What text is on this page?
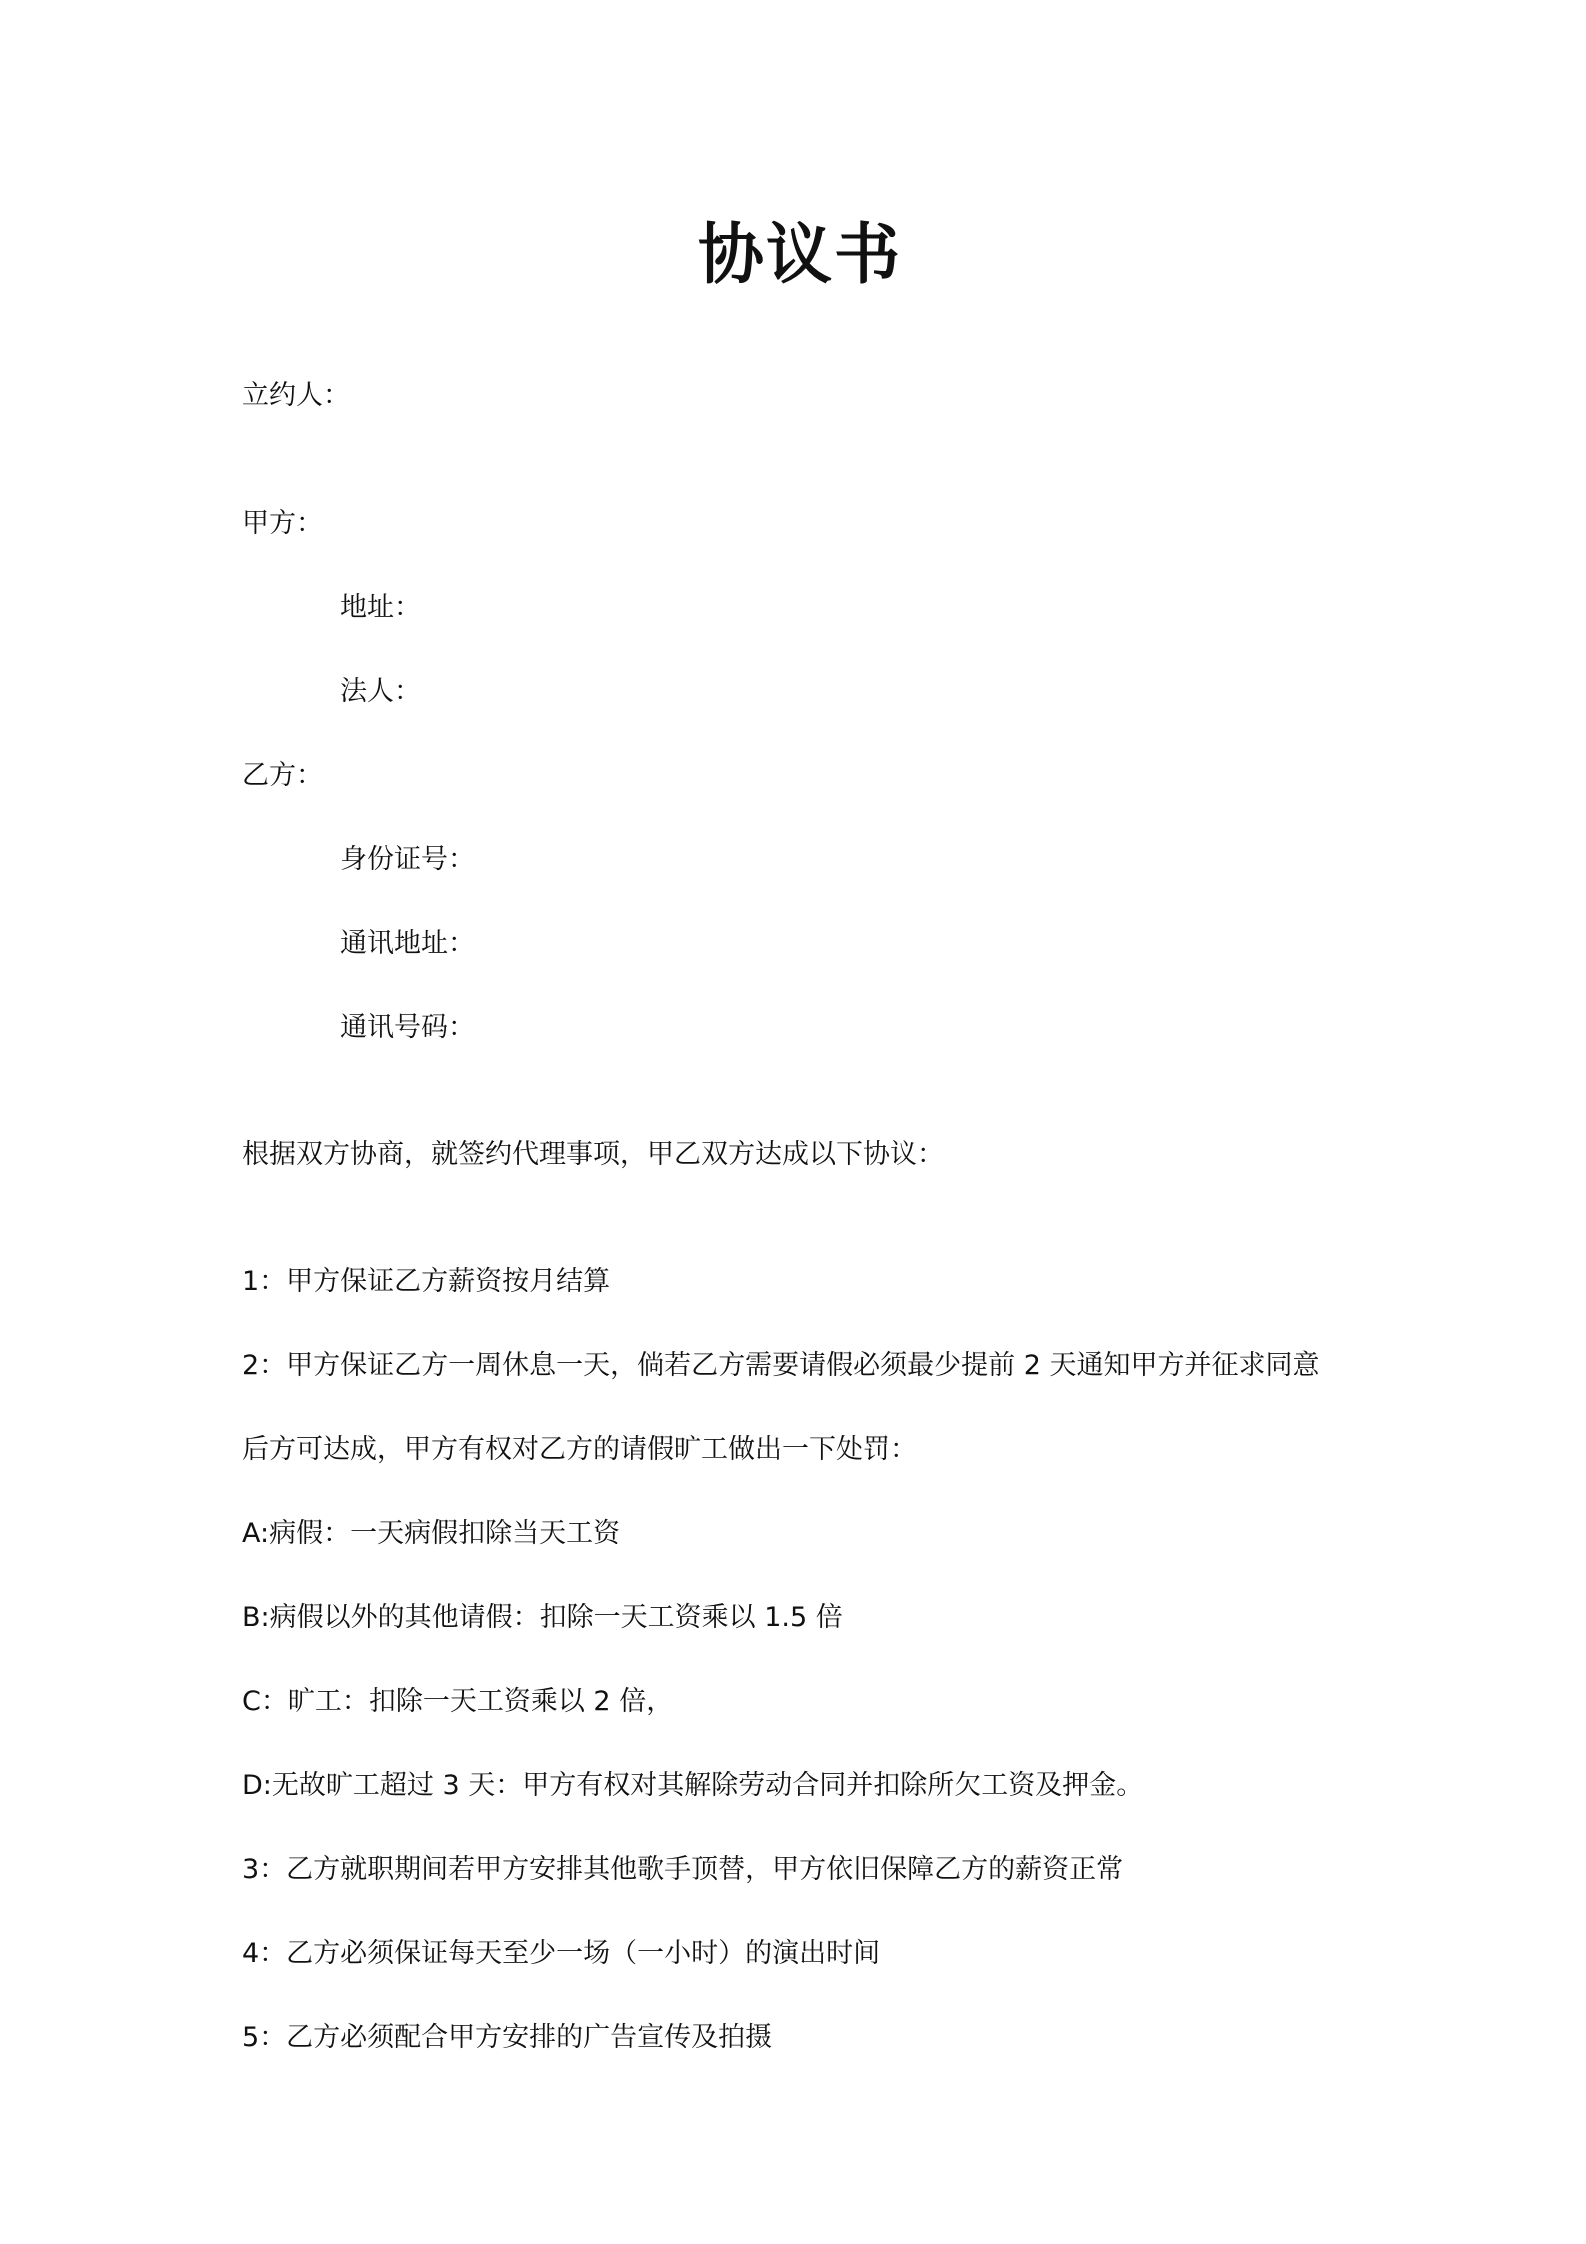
协议书
立约人：
甲方：
地址：
法人：
乙方：
身份证号：
通讯地址：
通讯号码：
根据双方协商，就签约代理事项，甲乙双方达成以下协议：
1：甲方保证乙方薪资按月结算
2：甲方保证乙方一周休息一天，倘若乙方需要请假必须最少提前 2 天通知甲方并征求同意
后方可达成，甲方有权对乙方的请假旷工做出一下处罚：
A:病假：一天病假扣除当天工资
B:病假以外的其他请假：扣除一天工资乘以 1.5 倍
C：旷工：扣除一天工资乘以 2 倍，
D:无故旷工超过 3 天：甲方有权对其解除劳动合同并扣除所欠工资及押金。
3：乙方就职期间若甲方安排其他歌手顶替，甲方依旧保障乙方的薪资正常
4：乙方必须保证每天至少一场（一小时）的演出时间
5：乙方必须配合甲方安排的广告宣传及拍摄
